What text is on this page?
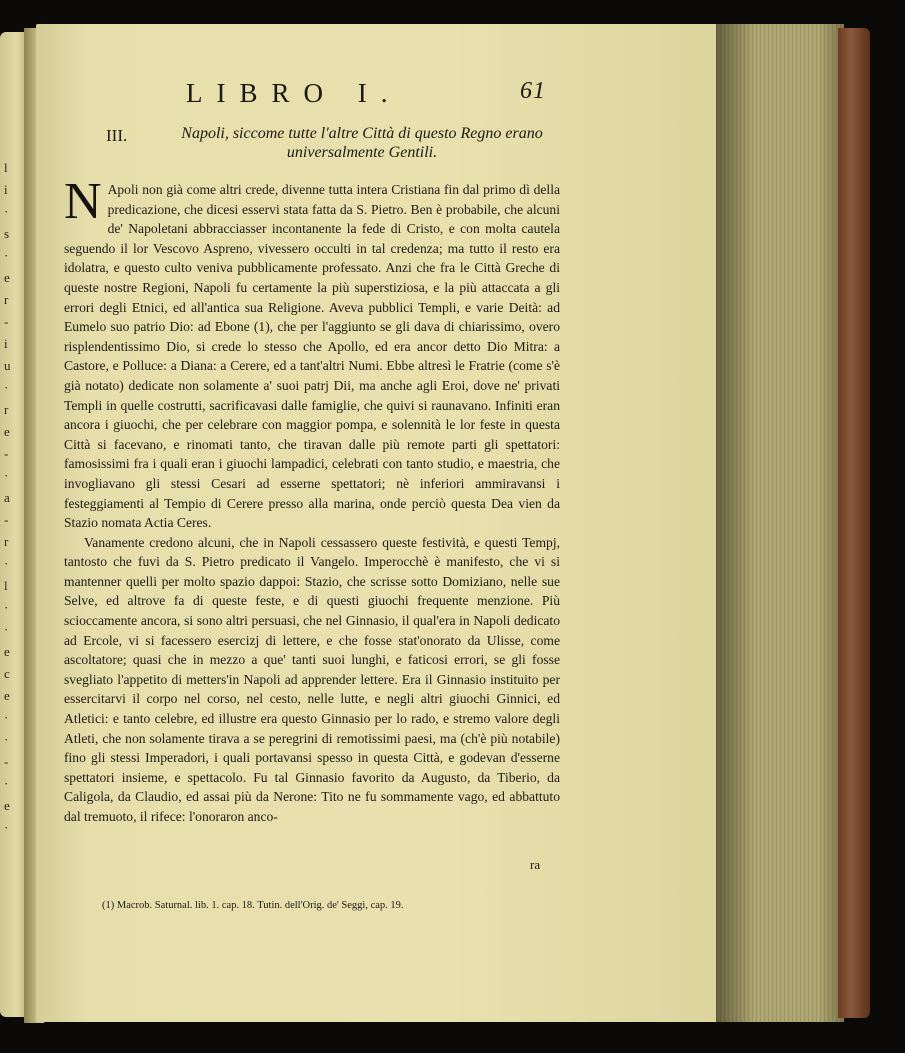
l
i
·
s
·
e
r
-
i
u
·
r
e
-
·
a
-
r
·
l
·
·
e
c
e
·
·
-
·
e
·
LIBRO I.	61
III.	Napoli, siccome tutte l'altre Città di questo Regno erano universalmente Gentili.

N Apoli non già come altri crede, divenne tutta intera Cristiana fin dal primo dì della predicazione, che dicesi esservi stata fatta da S. Pietro. Ben è probabile, che alcuni de' Napoletani abbracciasser incontanente la fede di Cristo, e con molta cautela seguendo il lor Vescovo Aspreno, vivessero occulti in tal credenza; ma tutto il resto era idolatra, e questo culto veniva pubblicamente professato. Anzi che fra le Città Greche di queste nostre Regioni, Napoli fu certamente la più superstiziosa, e la più attaccata a gli errori degli Etnici, ed all'antica sua Religione. Aveva pubblici Templi, e varie Deità: ad Eumelo suo patrio Dio: ad Ebone (1), che per l'aggiunto se gli dava di chiarissimo, overo risplendentissimo Dio, si crede lo stesso che Apollo, ed era ancor detto Dio Mitra: a Castore, e Polluce: a Diana: a Cerere, ed a tant'altri Numi. Ebbe altresì le Fratrie (come s'è già notato) dedicate non solamente a' suoi patrj Dii, ma anche agli Eroi, dove ne' privati Templi in quelle costrutti, sacrificavasi dalle famiglie, che quivi si raunavano. Infiniti eran ancora i giuochi, che per celebrare con maggior pompa, e solennità le lor feste in questa Città si facevano, e rinomati tanto, che tiravan dalle più remote parti gli spettatori: famosissimi fra i quali eran i giuochi lampadici, celebrati con tanto studio, e maestria, che invogliavano gli stessi Cesari ad esserne spettatori; nè inferiori ammiravansi i festeggiamenti al Tempio di Cerere presso alla marina, onde perciò questa Dea vien da Stazio nomata Actia Ceres.

Vanamente credono alcuni, che in Napoli cessassero queste festività, e questi Tempj, tantosto che fuvi da S. Pietro predicato il Vangelo. Imperocchè è manifesto, che vi si mantenner quelli per molto spazio dappoi: Stazio, che scrisse sotto Domiziano, nelle sue Selve, ed altrove fa di queste feste, e di questi giuochi frequente menzione. Più scioccamente ancora, si sono altri persuasi, che nel Ginnasio, il qual'era in Napoli dedicato ad Ercole, vi si facessero esercizj di lettere, e che fosse stat'onorato da Ulisse, come ascoltatore; quasi che in mezzo a que' tanti suoi lunghi, e faticosi errori, se gli fosse svegliato l'appetito di metters'in Napoli ad apprender lettere. Era il Ginnasio instituito per essercitarvi il corpo nel corso, nel cesto, nelle lutte, e negli altri giuochi Ginnici, ed Atletici: e tanto celebre, ed illustre era questo Ginnasio per lo rado, e stremo valore degli Atleti, che non solamente tirava a se peregrini di remotissimi paesi, ma (ch'è più notabile) fino gli stessi Imperadori, i quali portavansi spesso in questa Città, e godevan d'esserne spettatori insieme, e spettacolo. Fu tal Ginnasio favorito da Augusto, da Tiberio, da Caligola, da Claudio, ed assai più da Nerone: Tito ne fu sommamente vago, ed abbattuto dal tremuoto, il rifece: l'onoraron anco-

ra
(1) Macrob. Saturnal. lib. 1. cap. 18. Tutin. dell'Orig. de' Seggi, cap. 19.
